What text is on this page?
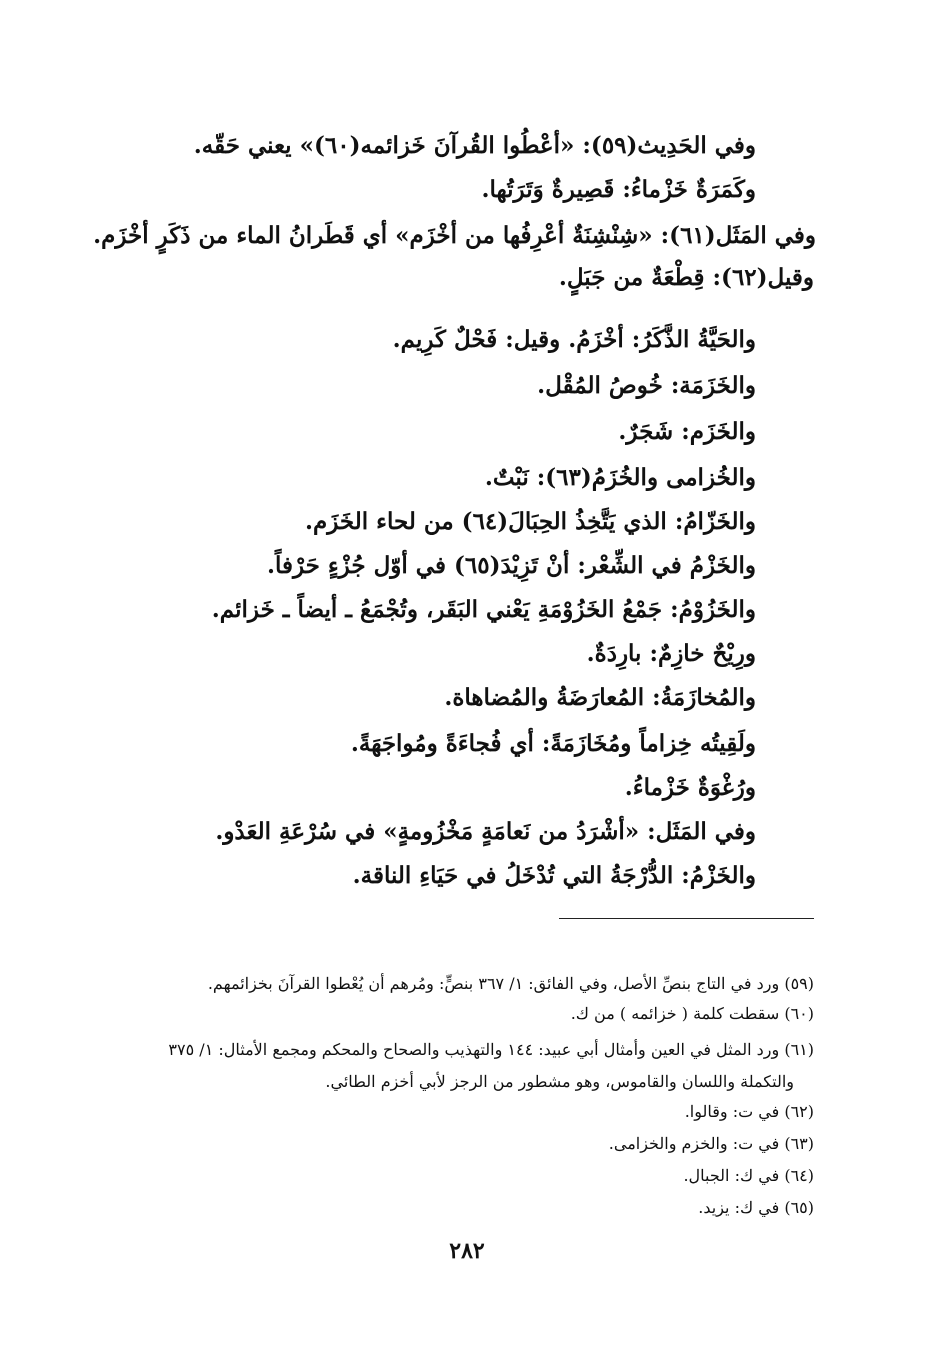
وفي الحَدِيث(٥٩): «أعْطُوا القُرآنَ خَزائمه(٦٠)» يعني حَقّه.

وكَمَرَةٌ خَزْماءُ: قَصِيرةٌ وَتَرَتُها.

وفي المَثَل(٦١): «شِنْشِنَةٌ أعْرِفُها من أخْزَم» أي قَطَرانُ الماء من ذَكَرٍ أخْزَم.

وقيل(٦٢): قِطْعَةٌ من جَبَلٍ.

والحَيَّةُ الذَّكَرُ: أخْزَمُ. وقيل: فَحْلٌ كَرِيم.

والخَزَمَة: خُوصُ المُقْل.

والخَزَم: شَجَرٌ.

والخُزامى والخُزَمُ(٦٣): نَبْتٌ.

والخَزّامُ: الذي يَتَّخِذُ الحِبَالَ(٦٤) من لحاء الخَزَم.

والخَزْمُ في الشِّعْر: أنْ تَزِيْدَ(٦٥) في أوّل جُزْءٍ حَرْفاً.

والخَزُوْمُ: جَمْعُ الخَزُوْمَةِ يَعْني البَقَر، وتُجْمَعُ ـ أيضاً ـ خَزائم.

ورِيْحٌ خازِمٌ: بارِدَةٌ.

والمُخازَمَةُ: المُعارَضَةُ والمُضاهاة.

ولَقِيتُه خِزاماً ومُخَازَمَةً: أي فُجاءَةً ومُواجَهَةً.

ورُغْوَةٌ خَزْماءُ.

وفي المَثَل: «أشْرَدُ من نَعامَةٍ مَخْزُومةٍ» في سُرْعَةِ العَدْو.

والخَزْمُ: الدُّرْجَةُ التي تُدْخَلُ في حَيَاءِ الناقة.

(٥٩) ورد في التاج بنصِّ الأصل، وفي الفائق: ١/ ٣٦٧ بنصٍّ: ومُرهم أن يُعْطوا القرآنَ بخزائمهم.

(٦٠) سقطت كلمة ( خزائمه ) من ك.

(٦١) ورد المثل في العين وأمثال أبي عبيد: ١٤٤ والتهذيب والصحاح والمحكم ومجمع الأمثال: ١/ ٣٧٥

والتكملة واللسان والقاموس، وهو مشطور من الرجز لأبي أخزم الطائي.

(٦٢) في ت: وقالوا.

(٦٣) في ت: والخزم والخزامى.

(٦٤) في ك: الجبال.

(٦٥) في ك: يزيد.

٢٨٢
